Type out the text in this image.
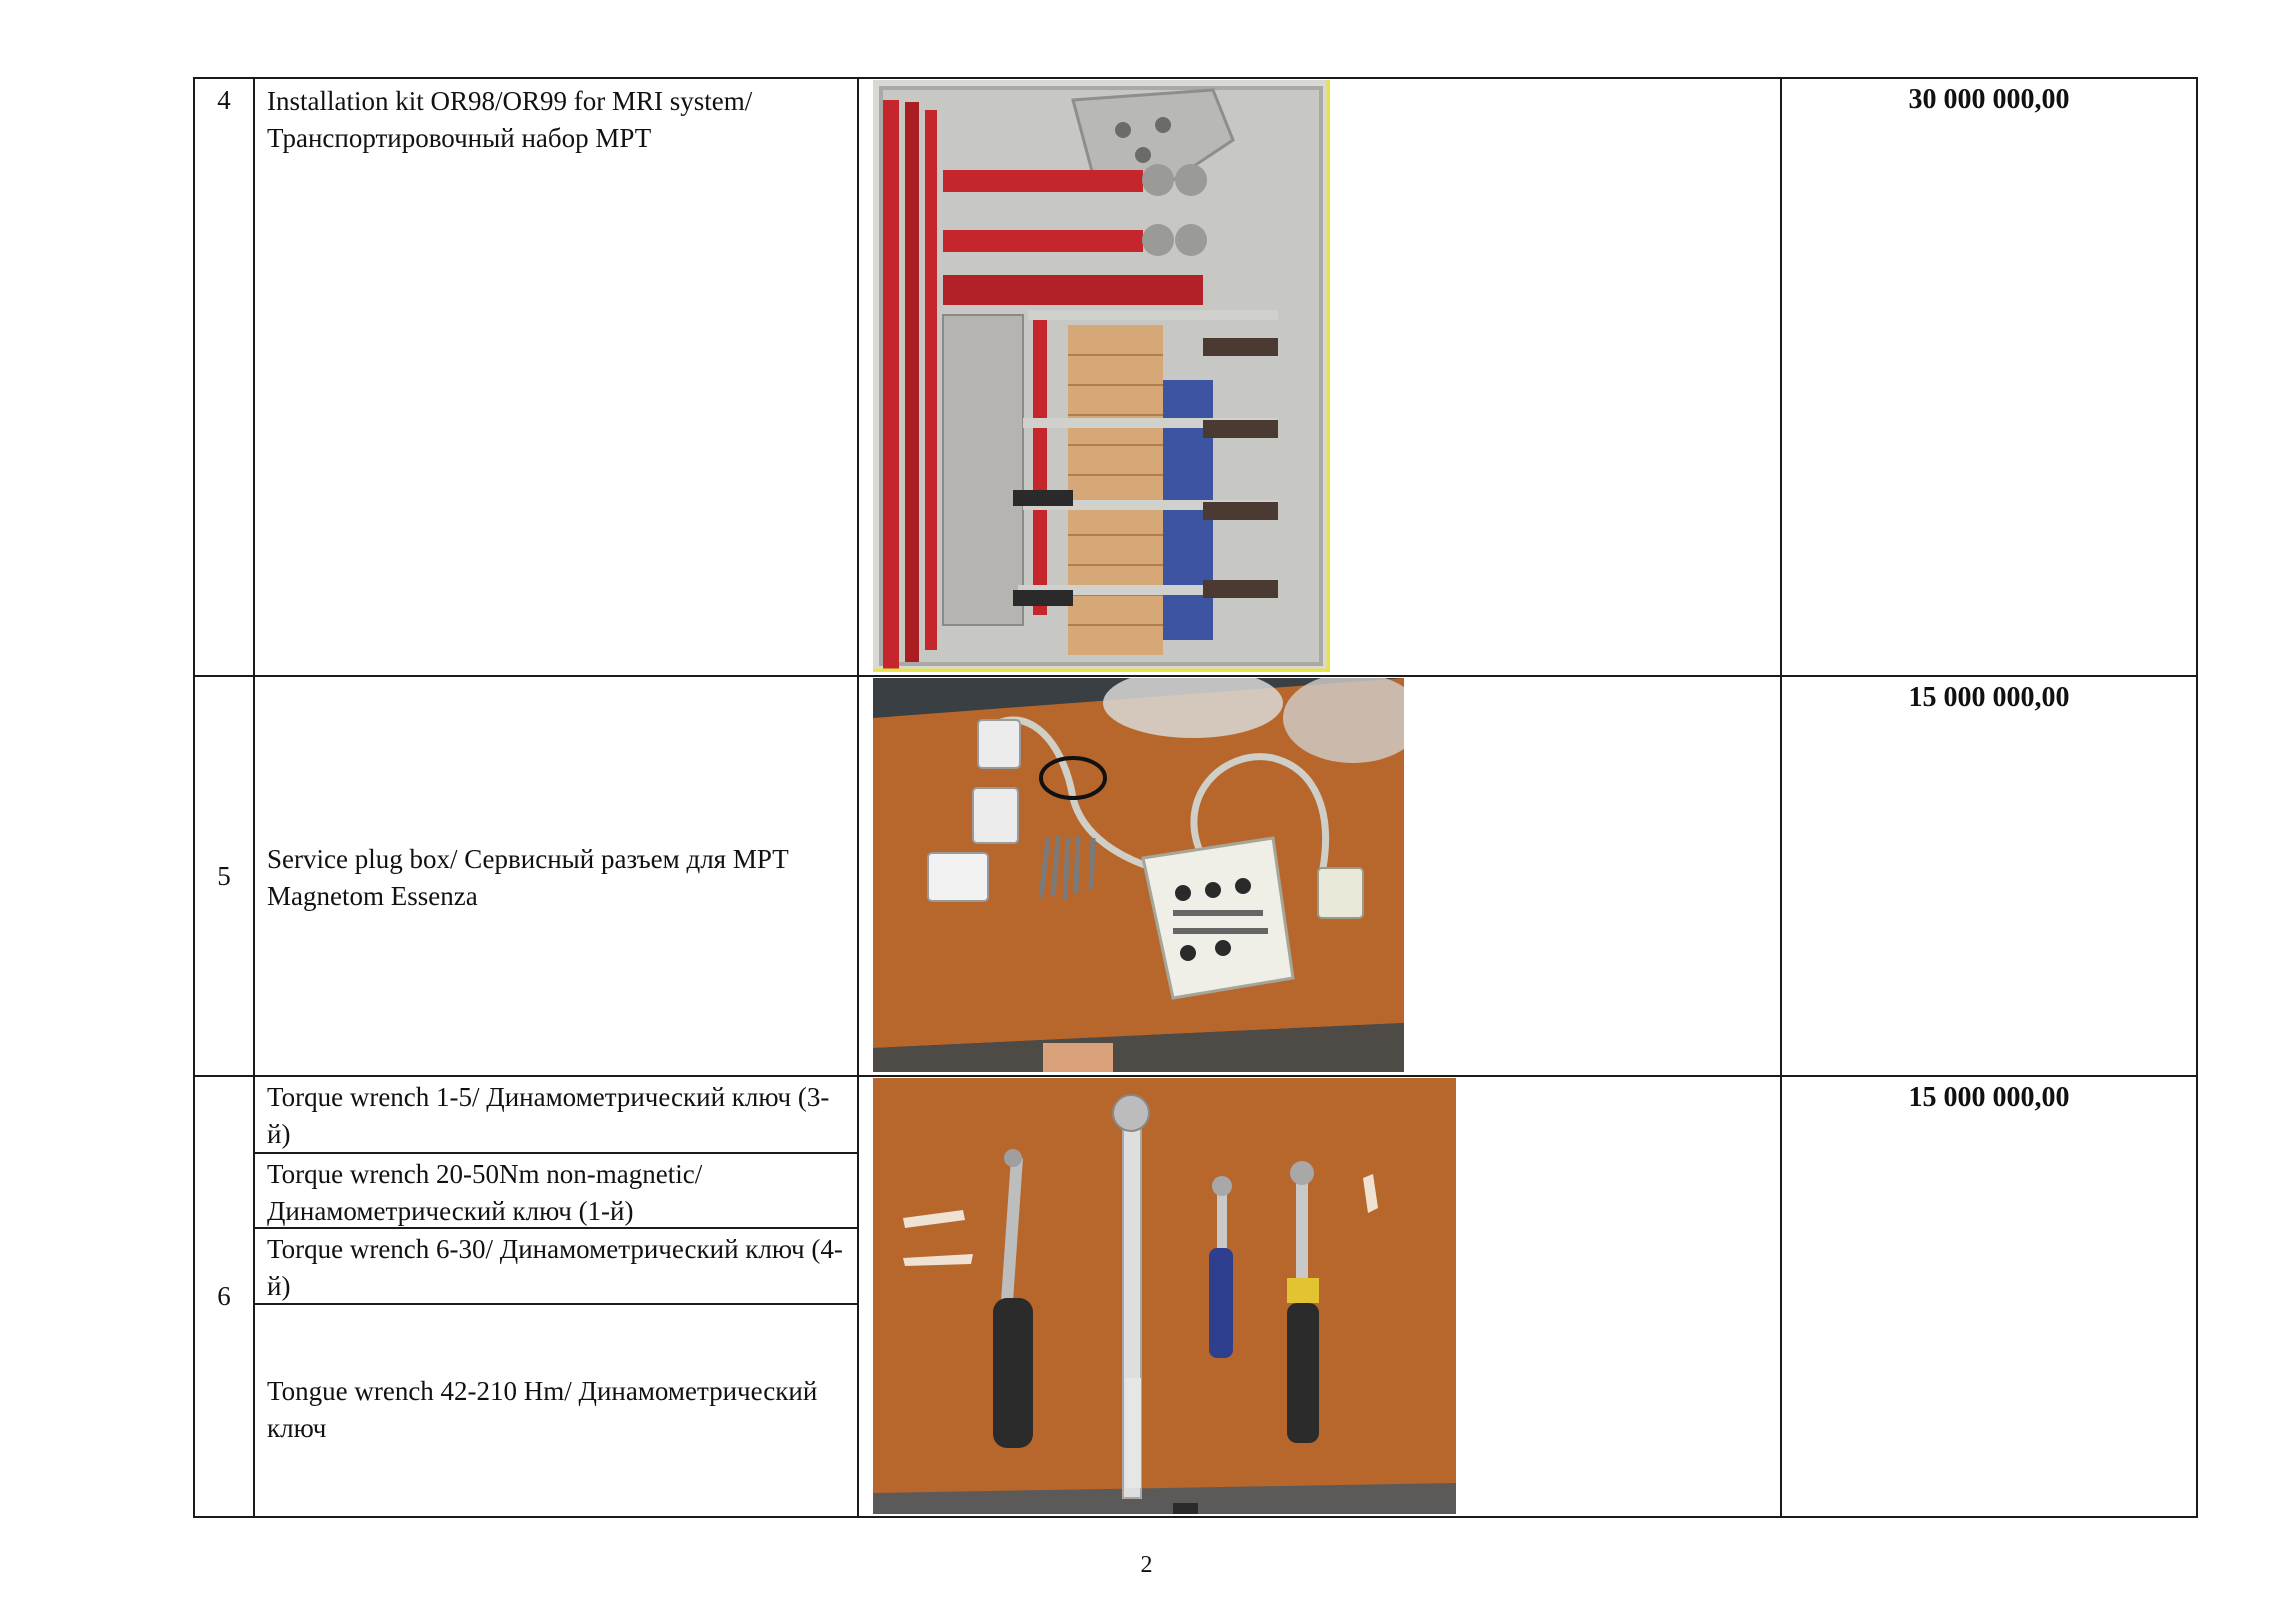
4	Installation kit OR98/OR99 for MRI system/ Транспортировочный набор МРТ		30 000 000,00

5	Service plug box/ Сервисный разъем для МРТ Magnetom Essenza		15 000 000,00

6	Torque wrench 1-5/ Динамометрический ключ (3-й)
Torque wrench 20-50Nm non-magnetic/ Динамометрический ключ (1-й)
Torque wrench 6-30/ Динамометрический ключ (4-й)
Tongue wrench 42-210 Hm/ Динамометрический ключ		15 000 000,00
2
